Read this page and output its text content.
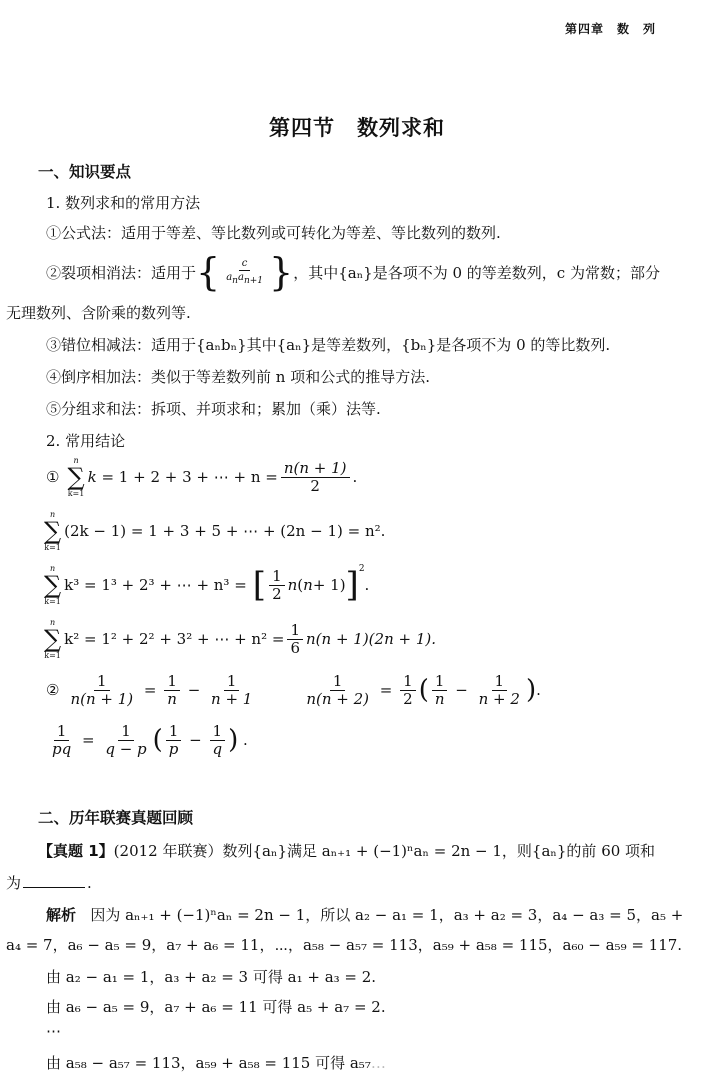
第四章　数　列
第四节　数列求和
一、知识要点
1. 数列求和的常用方法
①公式法：适用于等差、等比数列或可转化为等差、等比数列的数列.
②裂项相消法：适用于 { $\frac{c}{a_na_{n+1}}$ } ，其中{aₙ}是各项不为 0 的等差数列，c 为常数；部分
无理数列、含阶乘的数列等.
③错位相减法：适用于{aₙbₙ}其中{aₙ}是等差数列，{bₙ}是各项不为 0 的等比数列.
④倒序相加法：类似于等差数列前 n 项和公式的推导方法.
⑤分组求和法：拆项、并项求和；累加（乘）法等.
2. 常用结论
①
n
∑
k=1
k
= 1 + 2 + 3 + ⋯ + $n = \frac{n(n + 1)}{2}$ .
n
∑
k=1
(2k − 1) = 1 + 3 + 5 + ⋯ + (2n − 1) = n² .
n
∑
k=1
k³ = 1³ + 2³ + ⋯ + n³ = [ $\frac{1}{2}$ n ( n + 1) ]$^2$
.
n
∑
k=1
k² = 1² + 2² + 3² + ⋯ + $n^2 = \frac{1}{6} n(n + 1)(2n + 1)$.
② $\frac{1}{n(n + 1)} = \frac{1}{n} - \frac{1}{n + 1}$	$\frac{1}{n(n + 2)} = \frac{1}{2}$ ( $\frac{1}{n} - \frac{1}{n + 2}$ ) .
$\frac{1}{pq} = \frac{1}{q - p}$ ( $\frac{1}{p} - \frac{1}{q}$ ) .
二、历年联赛真题回顾
【真题 1】(2012 年联赛）数列{aₙ}满足 aₙ₊₁ + (−1)ⁿaₙ = 2n − 1，则{aₙ}的前 60 项和
为	.
解析 因为 aₙ₊₁ + (−1)ⁿaₙ = 2n − 1，所以 a₂ − a₁ = 1，a₃ + a₂ = 3，a₄ − a₃ = 5，a₅ +
a₄ = 7，a₆ − a₅ = 9，a₇ + a₆ = 11，⋯，a₅₈ − a₅₇ = 113，a₅₉ + a₅₈ = 115，a₆₀ − a₅₉ = 117.
由 a₂ − a₁ = 1，a₃ + a₂ = 3 可得 a₁ + a₃ = 2.
由 a₆ − a₅ = 9，a₇ + a₆ = 11 可得 a₅ + a₇ = 2.
⋯
由 a₅₈ − a₅₇ = 113，a₅₉ + a₅₈ = 115 可得 a₅₇…
